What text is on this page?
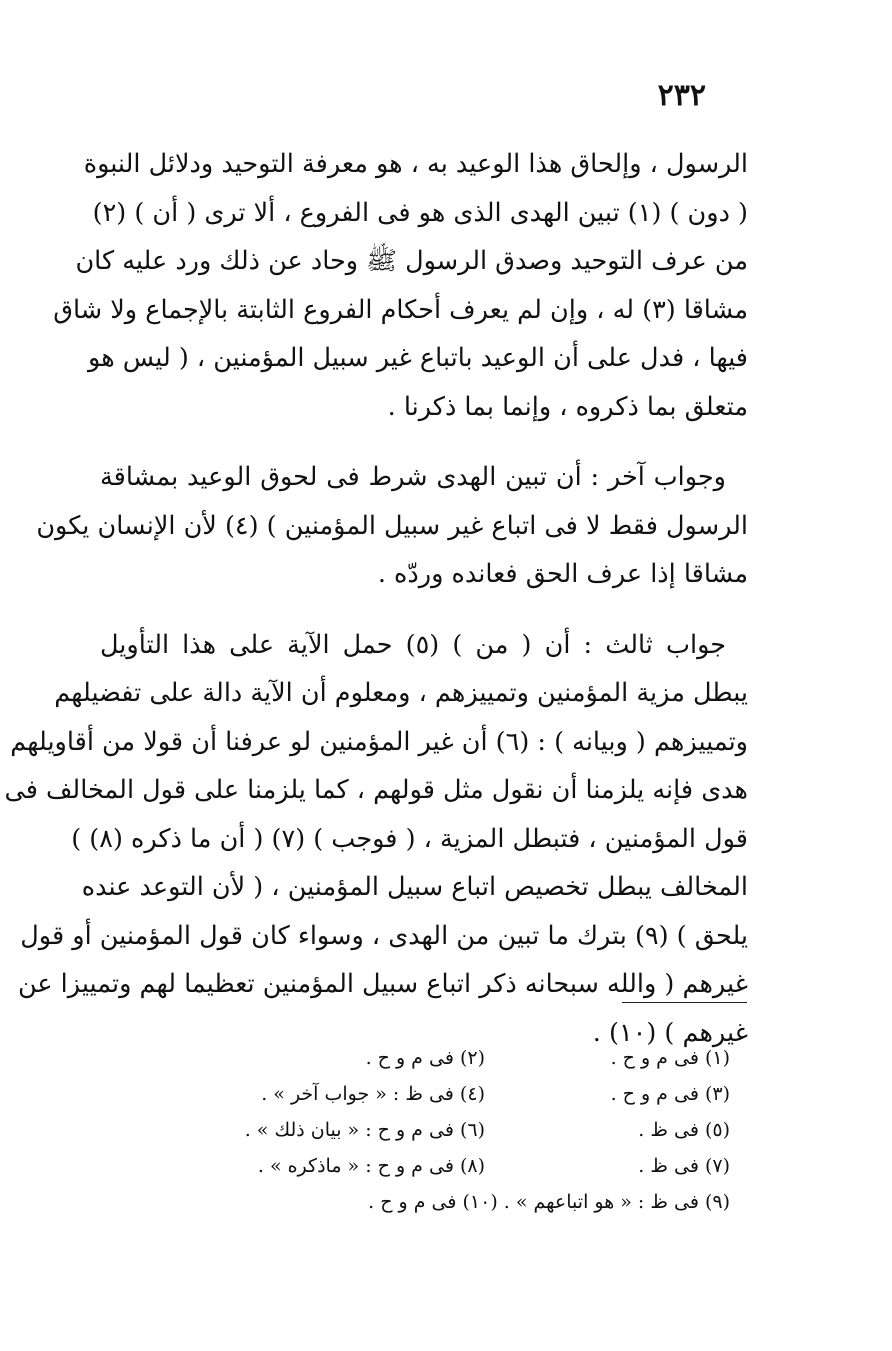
٢٣٢

الرسول ، وإلحاق هذا الوعيد به ، هو معرفة التوحيد ودلائل النبوة
( دون ) (١) تبين الهدى الذى هو فى الفروع ، ألا ترى ( أن ) (٢)
من عرف التوحيد وصدق الرسول ﷺ وحاد عن ذلك ورد عليه كان
مشاقا (٣) له ، وإن لم يعرف أحكام الفروع الثابتة بالإجماع ولا شاق
فيها ، فدل على أن الوعيد باتباع غير سبيل المؤمنين ، ( ليس هو
متعلق بما ذكروه ، وإنما بما ذكرنا .

وجواب آخر : أن تبين الهدى شرط فى لحوق الوعيد بمشاقة
الرسول فقط لا فى اتباع غير سبيل المؤمنين ) (٤) لأن الإنسان يكون
مشاقا إذا عرف الحق فعانده وردّه .

جواب ثالث : أن ( من ) (٥) حمل الآية على هذا التأويل
يبطل مزية المؤمنين وتمييزهم ، ومعلوم أن الآية دالة على تفضيلهم
وتمييزهم ( وبيانه ) : (٦) أن غير المؤمنين لو عرفنا أن قولا من أقاويلهم
هدى فإنه يلزمنا أن نقول مثل قولهم ، كما يلزمنا على قول المخالف فى
قول المؤمنين ، فتبطل المزية ، ( فوجب ) (٧) ( أن ما ذكره (٨) )
المخالف يبطل تخصيص اتباع سبيل المؤمنين ، ( لأن التوعد عنده
يلحق ) (٩) بترك ما تبين من الهدى ، وسواء كان قول المؤمنين أو قول
غيرهم ( والله سبحانه ذكر اتباع سبيل المؤمنين تعظيما لهم وتمييزا عن
غيرهم ) (١٠) .

(١) فى م و ح .
(٢) فى م و ح .
(٣) فى م و ح .
(٤) فى ظ : « جواب آخر » .
(٥) فى ظ .
(٦) فى م و ح : « بيان ذلك » .
(٧) فى ظ .
(٨) فى م و ح : « ماذكره » .
(٩) فى ظ : « هو اتباعهم » . (١٠) فى م و ح .
